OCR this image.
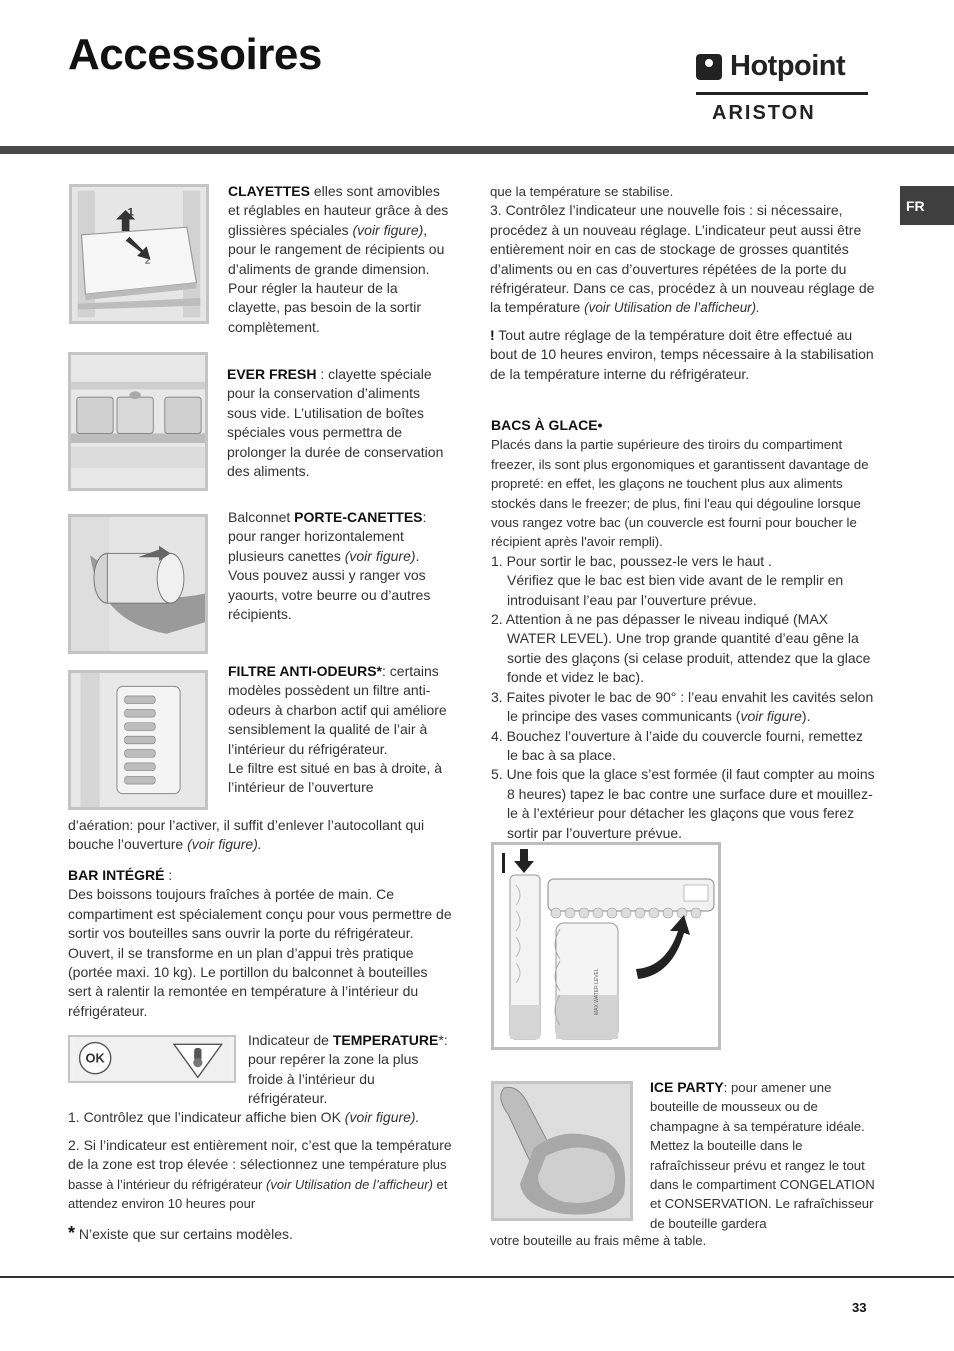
Accessoires	Hotpoint
ARISTON
FR
1
2

CLAYETTES elles sont amovibles et réglables en hauteur grâce à des glissières spéciales (voir figure), pour le rangement de récipients ou d’aliments de grande dimension. Pour régler la hauteur de la clayette, pas besoin de la sortir complètement.

EVER FRESH : clayette spéciale pour la conservation d’aliments sous vide. L’utilisation de boîtes spéciales vous permettra de prolonger la durée de conservation des aliments.

Balconnet PORTE-CANETTES: pour ranger horizontalement plusieurs canettes (voir figure). Vous pouvez aussi y ranger vos yaourts, votre beurre ou d’autres récipients.

FILTRE ANTI-ODEURS*: certains modèles possèdent un filtre anti-odeurs à charbon actif qui améliore sensiblement la qualité de l’air à l’intérieur du réfrigérateur.

Le filtre est situé en bas à droite, à l’intérieur de l’ouverture

d’aération: pour l’activer, il suffit d’enlever l’autocollant qui bouche l’ouverture (voir figure).

BAR INTÉGRÉ :

Des boissons toujours fraîches à portée de main. Ce compartiment est spécialement conçu pour vous permettre de sortir vos bouteilles sans ouvrir la porte du réfrigérateur. Ouvert, il se transforme en un plan d’appui très pratique (portée maxi. 10 kg). Le portillon du balconnet à bouteilles sert à ralentir la remontée en température à l’intérieur du réfrigérateur.

OK

Indicateur de TEMPERATURE*: pour repérer la zone la plus froide à l’intérieur du réfrigérateur.

1. Contrôlez que l’indicateur affiche bien OK (voir figure).

2. Si l’indicateur est entièrement noir, c’est que la température de la zone est trop élevée : sélectionnez une température plus basse à l’intérieur du réfrigérateur (voir Utilisation de l’afficheur) et attendez environ 10 heures pour

* N’existe que sur certains modèles.

que la température se stabilise.

3. Contrôlez l’indicateur une nouvelle fois : si nécessaire, procédez à un nouveau réglage. L’indicateur peut aussi être entièrement noir en cas de stockage de grosses quantités d’aliments ou en cas d’ouvertures répétées de la porte du réfrigérateur. Dans ce cas, procédez à un nouveau réglage de la température (voir Utilisation de l’afficheur).

! Tout autre réglage de la température doit être effectué au bout de 10 heures environ, temps nécessaire à la stabilisation de la température interne du réfrigérateur.

BACS À GLACE•

Placés dans la partie supérieure des tiroirs du compartiment freezer, ils sont plus ergonomiques et garantissent davantage de propreté: en effet, les glaçons ne touchent plus aux aliments stockés dans le freezer; de plus, fini l'eau qui dégouline lorsque vous rangez votre bac (un couvercle est fourni pour boucher le récipient après l'avoir rempli).

1. Pour sortir le bac, poussez-le vers le haut .
Vérifiez que le bac est bien vide avant de le remplir en introduisant l’eau par l’ouverture prévue.
2. Attention à ne pas dépasser le niveau indiqué (MAX WATER LEVEL). Une trop grande quantité d’eau gêne la sortie des glaçons (si celase produit, attendez que la glace fonde et videz le bac).
3. Faites pivoter le bac de 90° : l’eau envahit les cavités selon le principe des vases communicants (voir figure).
4. Bouchez l’ouverture à l’aide du couvercle fourni, remettez le bac à sa place.
5. Une fois que la glace s’est formée (il faut compter au moins 8 heures) tapez le bac contre une surface dure et mouillez-le à l’extérieur pour détacher les glaçons que vous ferez sortir par l’ouverture prévue.
MAX WATER LEVEL

ICE PARTY: pour amener une bouteille de mousseux ou de champagne à sa température idéale. Mettez la bouteille dans le rafraîchisseur prévu et rangez le tout dans le compartiment CONGELATION et CONSERVATION. Le rafraîchisseur de bouteille gardera

votre bouteille au frais même à table.

33
